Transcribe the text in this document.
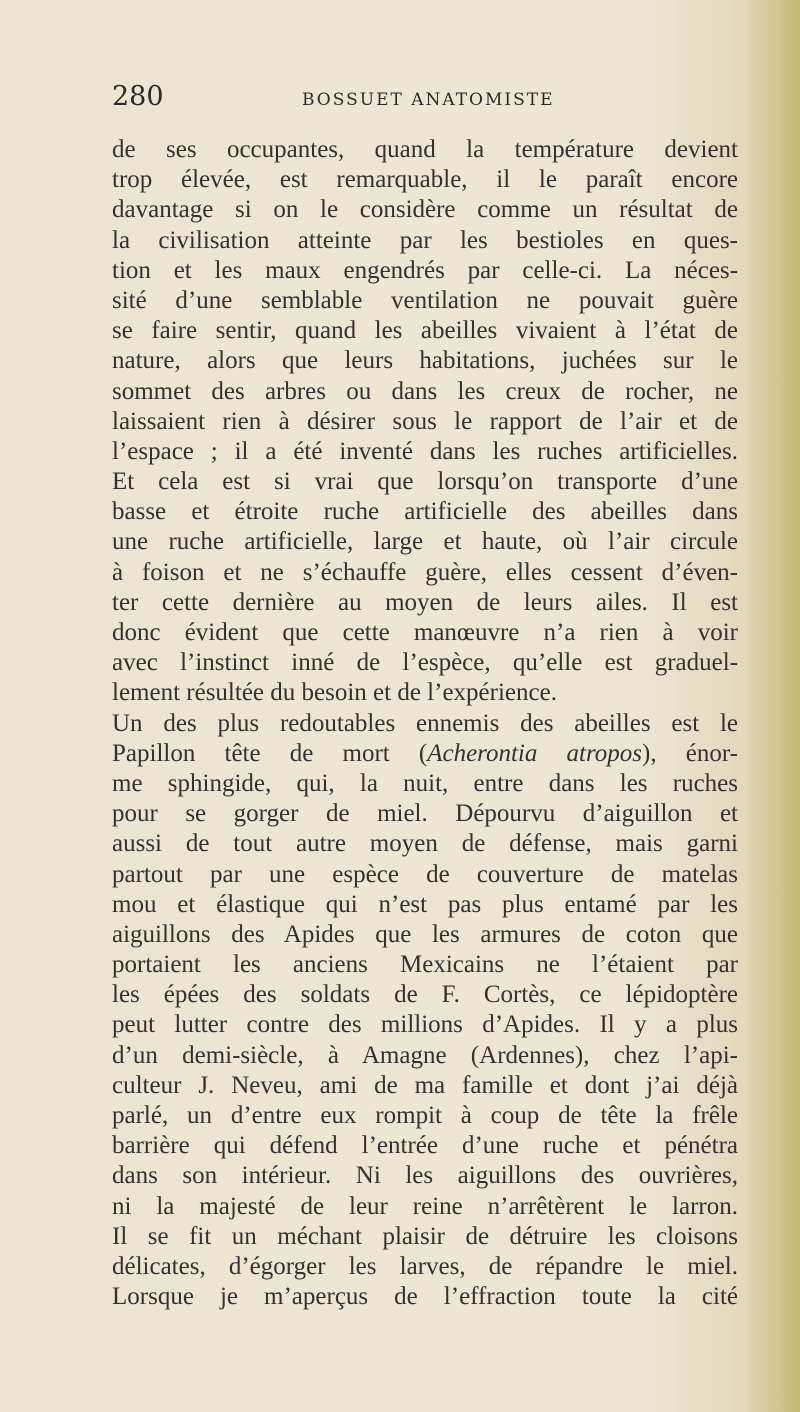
280	BOSSUET ANATOMISTE
de ses occupantes, quand la température devient
trop élevée, est remarquable, il le paraît encore
davantage si on le considère comme un résultat de
la civilisation atteinte par les bestioles en ques-
tion et les maux engendrés par celle-ci. La néces-
sité d’une semblable ventilation ne pouvait guère
se faire sentir, quand les abeilles vivaient à l’état de
nature, alors que leurs habitations, juchées sur le
sommet des arbres ou dans les creux de rocher, ne
laissaient rien à désirer sous le rapport de l’air et de
l’espace ; il a été inventé dans les ruches artificielles.
Et cela est si vrai que lorsqu’on transporte d’une
basse et étroite ruche artificielle des abeilles dans
une ruche artificielle, large et haute, où l’air circule
à foison et ne s’échauffe guère, elles cessent d’éven-
ter cette dernière au moyen de leurs ailes. Il est
donc évident que cette manœuvre n’a rien à voir
avec l’instinct inné de l’espèce, qu’elle est graduel-
lement résultée du besoin et de l’expérience.
Un des plus redoutables ennemis des abeilles est le
Papillon tête de mort (Acherontia atropos), énor-
me sphingide, qui, la nuit, entre dans les ruches
pour se gorger de miel. Dépourvu d’aiguillon et
aussi de tout autre moyen de défense, mais garni
partout par une espèce de couverture de matelas
mou et élastique qui n’est pas plus entamé par les
aiguillons des Apides que les armures de coton que
portaient les anciens Mexicains ne l’étaient par
les épées des soldats de F. Cortès, ce lépidoptère
peut lutter contre des millions d’Apides. Il y a plus
d’un demi-siècle, à Amagne (Ardennes), chez l’api-
culteur J. Neveu, ami de ma famille et dont j’ai déjà
parlé, un d’entre eux rompit à coup de tête la frêle
barrière qui défend l’entrée d’une ruche et pénétra
dans son intérieur. Ni les aiguillons des ouvrières,
ni la majesté de leur reine n’arrêtèrent le larron.
Il se fit un méchant plaisir de détruire les cloisons
délicates, d’égorger les larves, de répandre le miel.
Lorsque je m’aperçus de l’effraction toute la cité
